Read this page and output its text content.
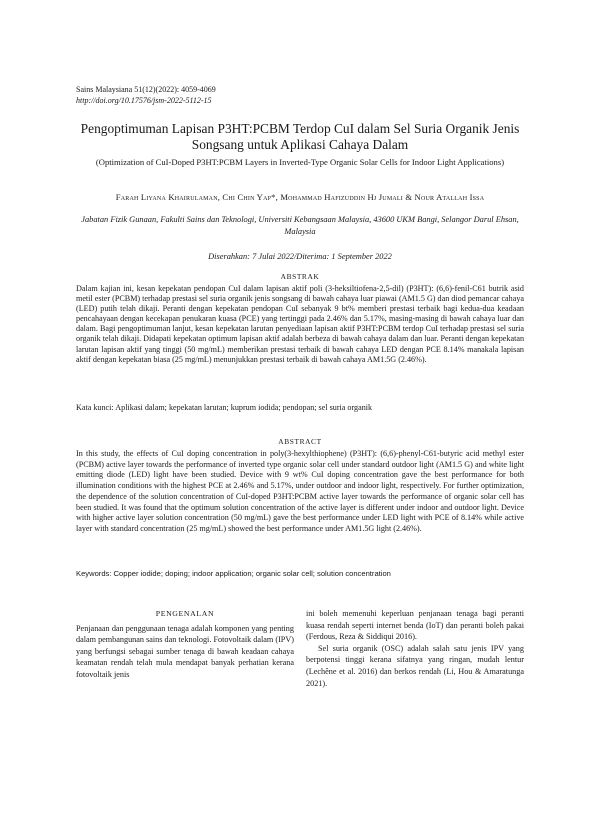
Sains Malaysiana 51(12)(2022): 4059-4069
http://doi.org/10.17576/jsm-2022-5112-15
Pengoptimuman Lapisan P3HT:PCBM Terdop CuI dalam Sel Suria Organik Jenis Songsang untuk Aplikasi Cahaya Dalam
(Optimization of CuI-Doped P3HT:PCBM Layers in Inverted-Type Organic Solar Cells for Indoor Light Applications)
Farah Liyana Khairulaman, Chi Chin Yap*, Mohammad Hafizuddin Hj Jumali & Nour Atallah Issa
Jabatan Fizik Gunaan, Fakulti Sains dan Teknologi, Universiti Kebangsaan Malaysia, 43600 UKM Bangi, Selangor Darul Ehsan, Malaysia
Diserahkan: 7 Julai 2022/Diterima: 1 September 2022
ABSTRAK
Dalam kajian ini, kesan kepekatan pendopan CuI dalam lapisan aktif poli (3-heksiltiofena-2,5-dil) (P3HT): (6,6)-fenil-C61 butrik asid metil ester (PCBM) terhadap prestasi sel suria organik jenis songsang di bawah cahaya luar piawai (AM1.5 G) dan diod pemancar cahaya (LED) putih telah dikaji. Peranti dengan kepekatan pendopan CuI sebanyak 9 bt% memberi prestasi terbaik bagi kedua-dua keadaan pencahayaan dengan kecekapan penukaran kuasa (PCE) yang tertinggi pada 2.46% dan 5.17%, masing-masing di bawah cahaya luar dan dalam. Bagi pengoptimuman lanjut, kesan kepekatan larutan penyediaan lapisan aktif P3HT:PCBM terdop CuI terhadap prestasi sel suria organik telah dikaji. Didapati kepekatan optimum lapisan aktif adalah berbeza di bawah cahaya dalam dan luar. Peranti dengan kepekatan larutan lapisan aktif yang tinggi (50 mg/mL) memberikan prestasi terbaik di bawah cahaya LED dengan PCE 8.14% manakala lapisan aktif dengan kepekatan biasa (25 mg/mL) menunjukkan prestasi terbaik di bawah cahaya AM1.5G (2.46%).
Kata kunci: Aplikasi dalam; kepekatan larutan; kuprum iodida; pendopan; sel suria organik
ABSTRACT
In this study, the effects of CuI doping concentration in poly(3-hexylthiophene) (P3HT): (6,6)-phenyl-C61-butyric acid methyl ester (PCBM) active layer towards the performance of inverted type organic solar cell under standard outdoor light (AM1.5 G) and white light emitting diode (LED) light have been studied. Device with 9 wt% CuI doping concentration gave the best performance for both illumination conditions with the highest PCE at 2.46% and 5.17%, under outdoor and indoor light, respectively. For further optimization, the dependence of the solution concentration of CuI-doped P3HT:PCBM active layer towards the performance of organic solar cell has been studied. It was found that the optimum solution concentration of the active layer is different under indoor and outdoor light. Device with higher active layer solution concentration (50 mg/mL) gave the best performance under LED light with PCE of 8.14% while active layer with standard concentration (25 mg/mL) showed the best performance under AM1.5G light (2.46%).
Keywords: Copper iodide; doping; indoor application; organic solar cell; solution concentration
PENGENALAN

Penjanaan dan penggunaan tenaga adalah komponen yang penting dalam pembangunan sains dan teknologi. Fotovoltaik dalam (IPV) yang berfungsi sebagai sumber tenaga di bawah keadaan cahaya keamatan rendah telah mula mendapat banyak perhatian kerana fotovoltaik jenis

ini boleh memenuhi keperluan penjanaan tenaga bagi peranti kuasa rendah seperti internet benda (IoT) dan peranti boleh pakai (Ferdous, Reza & Siddiqui 2016).

Sel suria organik (OSC) adalah salah satu jenis IPV yang berpotensi tinggi kerana sifatnya yang ringan, mudah lentur (Lechêne et al. 2016) dan berkos rendah (Li, Hou & Amaratunga 2021).
